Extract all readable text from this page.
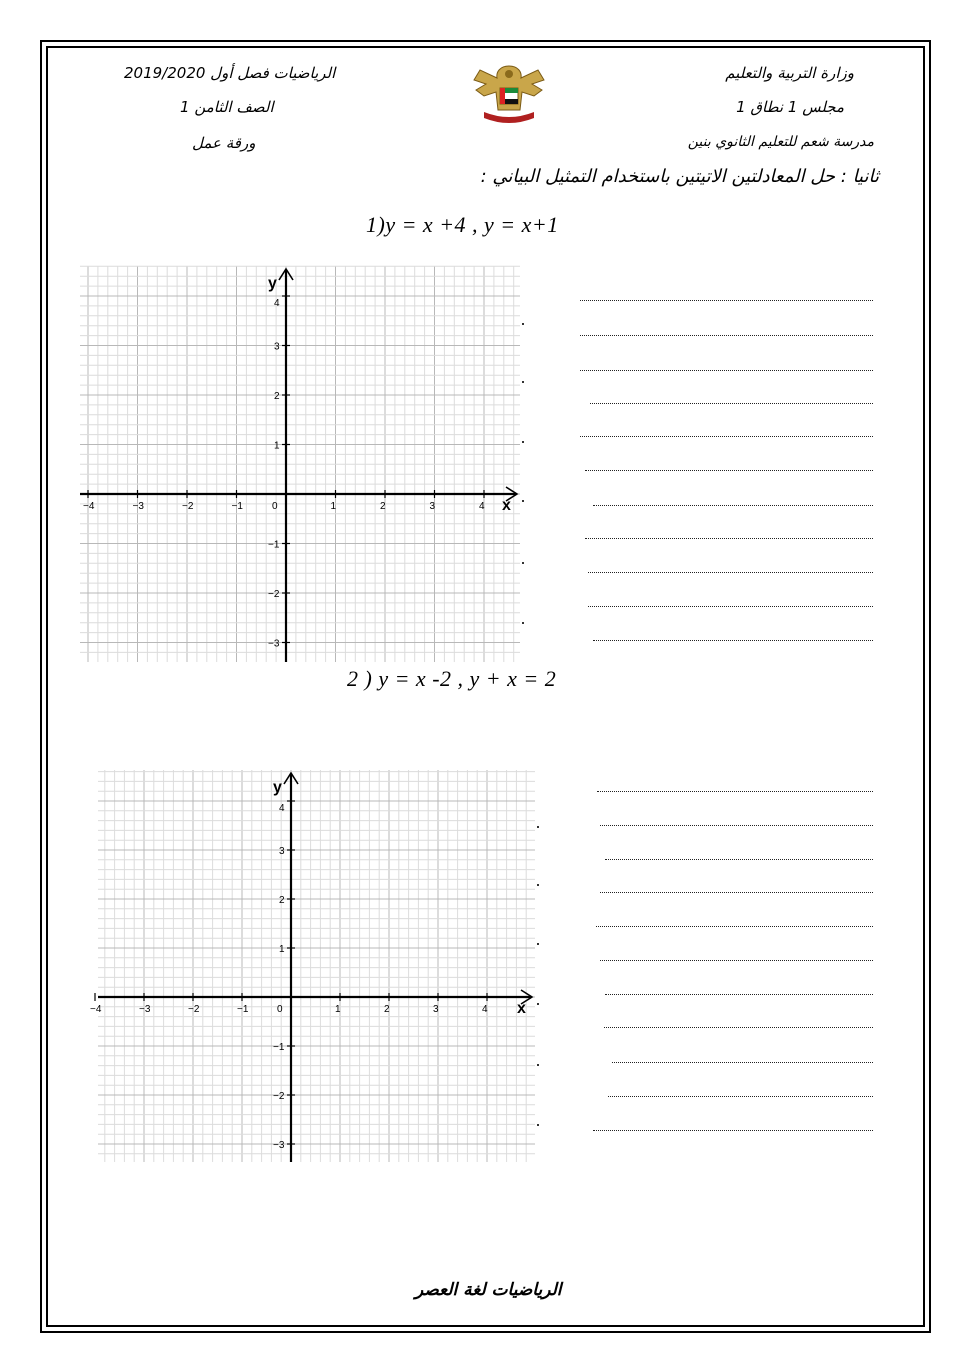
وزارة التربية والتعليم
مجلس 1 نطاق 1
مدرسة شعم للتعليم الثانوي بنين
الرياضيات فصل أول 2019/2020
الصف الثامن 1
ورقة عمل
ثانيا : حل المعادلتين الاتيتين باستخدام التمثيل البياني :
1)y = x +4 , y = x+1
2 ) y = x -2 , y + x = 2
x
y
−4	−3	−2	−1	0	1	2	3	4
4
3
2
1
−1
−2
−3
x
y
−4	−3	−2	−1	0	1	2	3	4
4
3
2
1
−1
−2
−3
الرياضيات لغة العصر
